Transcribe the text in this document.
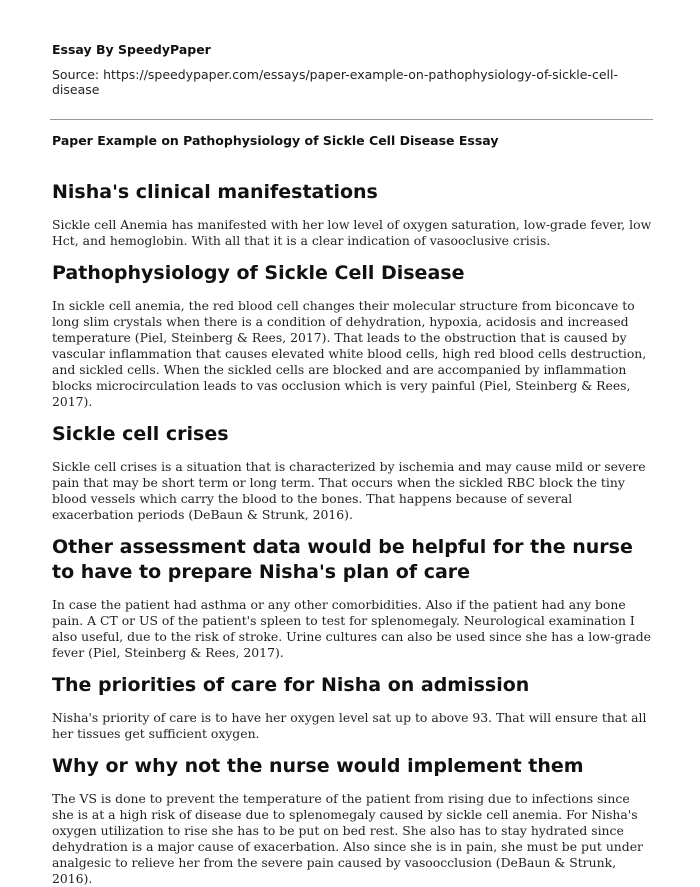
Essay By SpeedyPaper
Source: https://speedypaper.com/essays/paper-example-on-pathophysiology-of-sickle-cell-disease
Paper Example on Pathophysiology of Sickle Cell Disease Essay
Nisha's clinical manifestations

Sickle cell Anemia has manifested with her low level of oxygen saturation, low-grade fever, low Hct, and hemoglobin. With all that it is a clear indication of vasooclusive crisis.

Pathophysiology of Sickle Cell Disease

In sickle cell anemia, the red blood cell changes their molecular structure from biconcave to long slim crystals when there is a condition of dehydration, hypoxia, acidosis and increased temperature (Piel, Steinberg & Rees, 2017). That leads to the obstruction that is caused by vascular inflammation that causes elevated white blood cells, high red blood cells destruction, and sickled cells. When the sickled cells are blocked and are accompanied by inflammation blocks microcirculation leads to vas occlusion which is very painful (Piel, Steinberg & Rees, 2017).

Sickle cell crises

Sickle cell crises is a situation that is characterized by ischemia and may cause mild or severe pain that may be short term or long term. That occurs when the sickled RBC block the tiny blood vessels which carry the blood to the bones. That happens because of several exacerbation periods (DeBaun & Strunk, 2016).

Other assessment data would be helpful for the nurse to have to prepare Nisha's plan of care

In case the patient had asthma or any other comorbidities. Also if the patient had any bone pain. A CT or US of the patient's spleen to test for splenomegaly. Neurological examination I also useful, due to the risk of stroke. Urine cultures can also be used since she has a low-grade fever (Piel, Steinberg & Rees, 2017).

The priorities of care for Nisha on admission

Nisha's priority of care is to have her oxygen level sat up to above 93. That will ensure that all her tissues get sufficient oxygen.

Why or why not the nurse would implement them

The VS is done to prevent the temperature of the patient from rising due to infections since she is at a high risk of disease due to splenomegaly caused by sickle cell anemia. For Nisha's oxygen utilization to rise she has to be put on bed rest. She also has to stay hydrated since dehydration is a major cause of exacerbation. Also since she is in pain, she must be put under analgesic to relieve her from the severe pain caused by vasoocclusion (DeBaun & Strunk, 2016).
